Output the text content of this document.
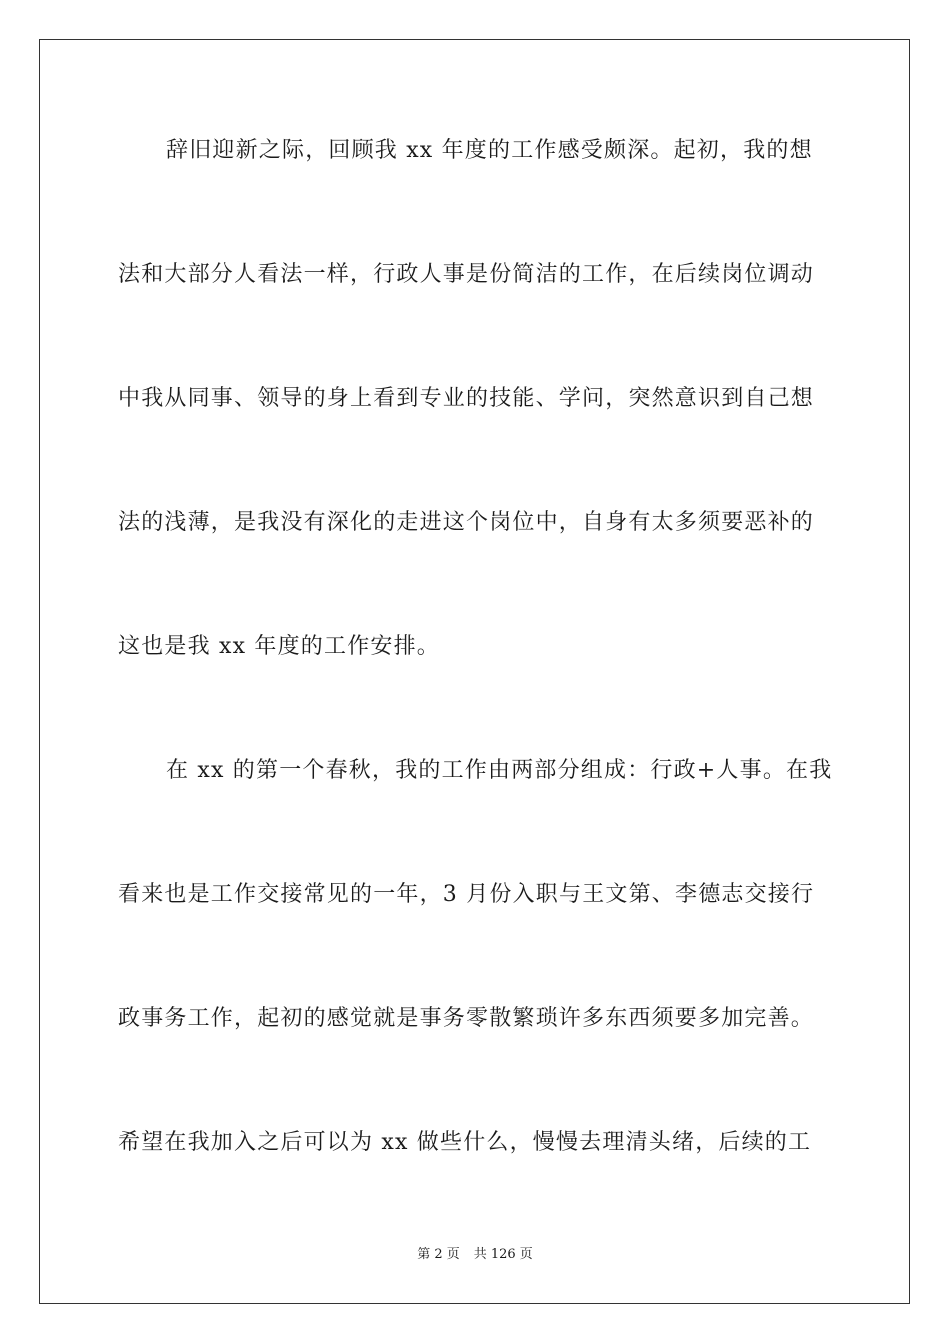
辞旧迎新之际，回顾我 xx 年度的工作感受颇深。起初，我的想
法和大部分人看法一样，行政人事是份简洁的工作，在后续岗位调动
中我从同事、领导的身上看到专业的技能、学问，突然意识到自己想
法的浅薄，是我没有深化的走进这个岗位中，自身有太多须要恶补的
这也是我 xx 年度的工作安排。
在 xx 的第一个春秋，我的工作由两部分组成：行政+人事。在我
看来也是工作交接常见的一年，3 月份入职与王文第、李德志交接行
政事务工作，起初的感觉就是事务零散繁琐许多东西须要多加完善。
希望在我加入之后可以为 xx 做些什么，慢慢去理清头绪，后续的工
第 2 页 共 126 页
